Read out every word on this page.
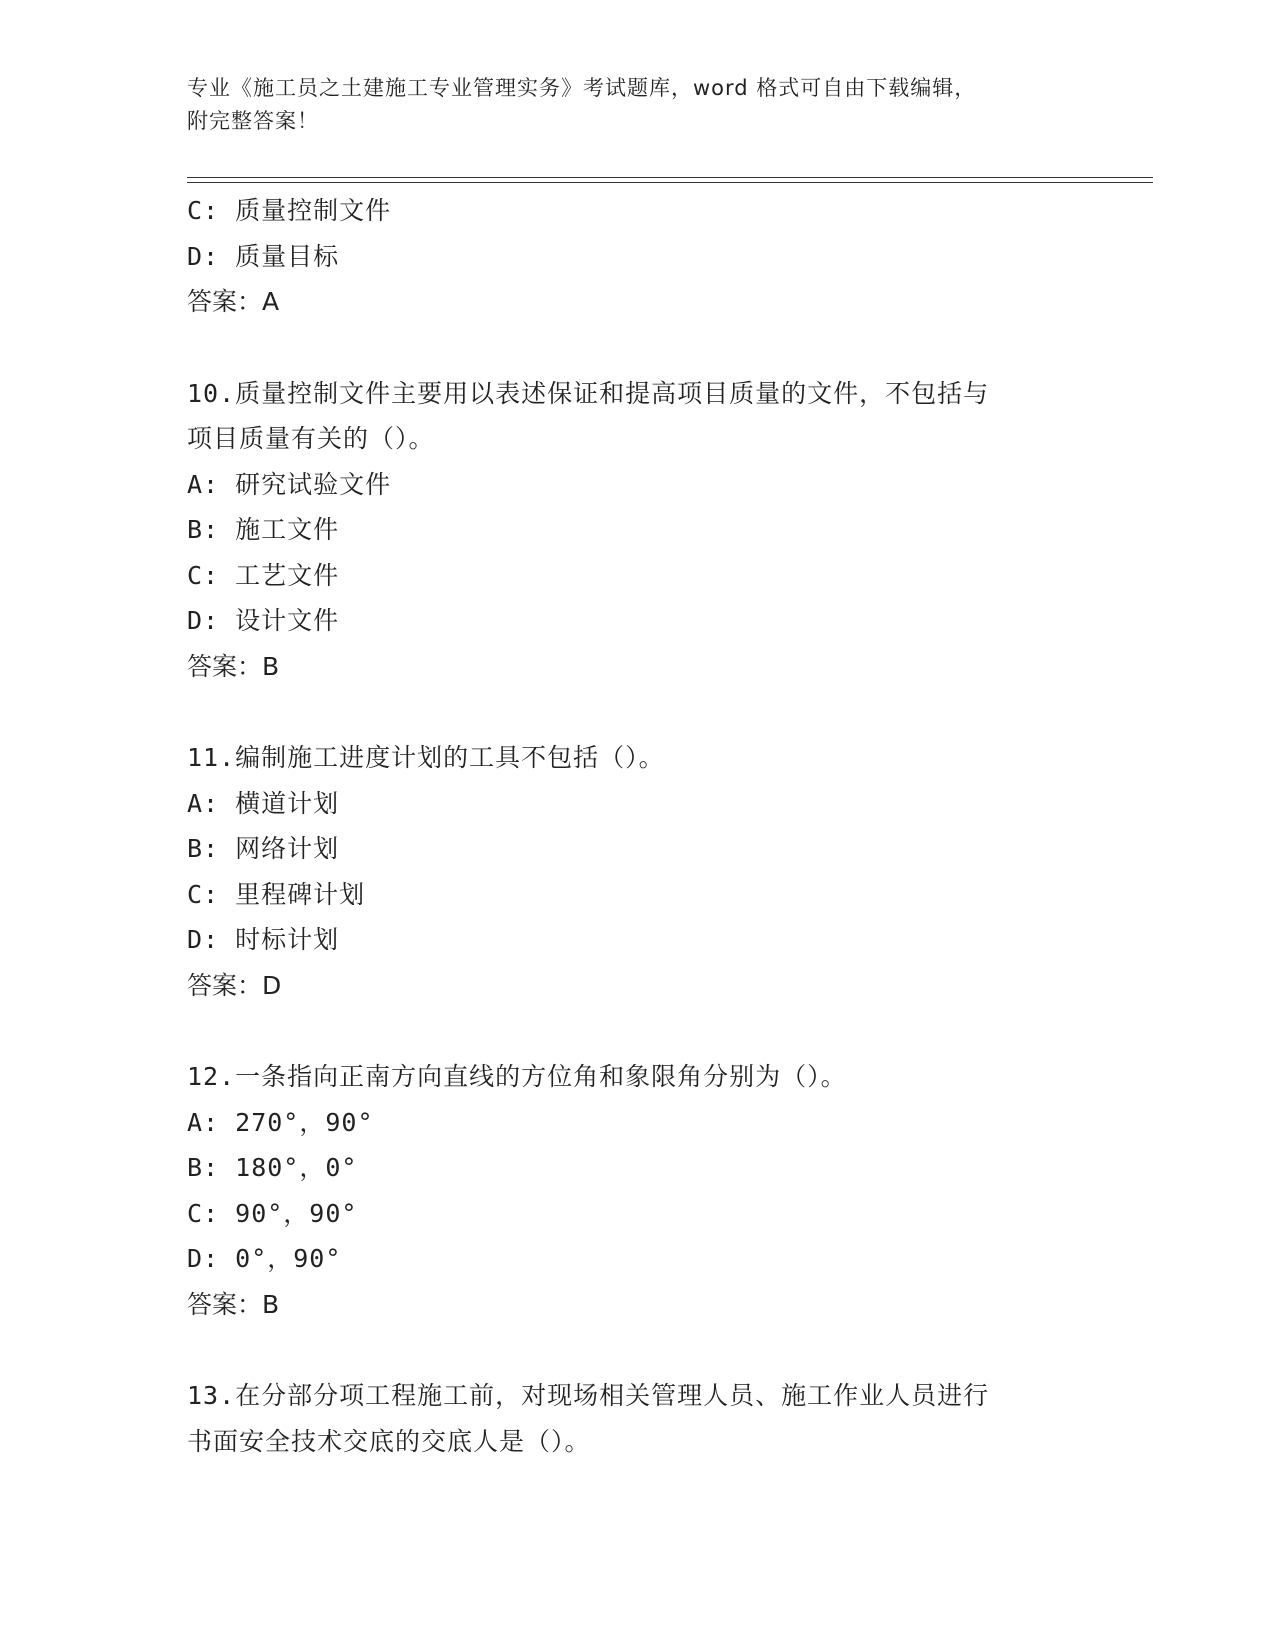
专业《施工员之土建施工专业管理实务》考试题库，word 格式可自由下载编辑，
附完整答案！
C: 质量控制文件
D: 质量目标
答案：A
10.质量控制文件主要用以表述保证和提高项目质量的文件，不包括与
项目质量有关的（）。
A: 研究试验文件
B: 施工文件
C: 工艺文件
D: 设计文件
答案：B
11.编制施工进度计划的工具不包括（）。
A: 横道计划
B: 网络计划
C: 里程碑计划
D: 时标计划
答案：D
12.一条指向正南方向直线的方位角和象限角分别为（）。
A: 270°，90°
B: 180°，0°
C: 90°，90°
D: 0°，90°
答案：B
13.在分部分项工程施工前，对现场相关管理人员、施工作业人员进行
书面安全技术交底的交底人是（）。
